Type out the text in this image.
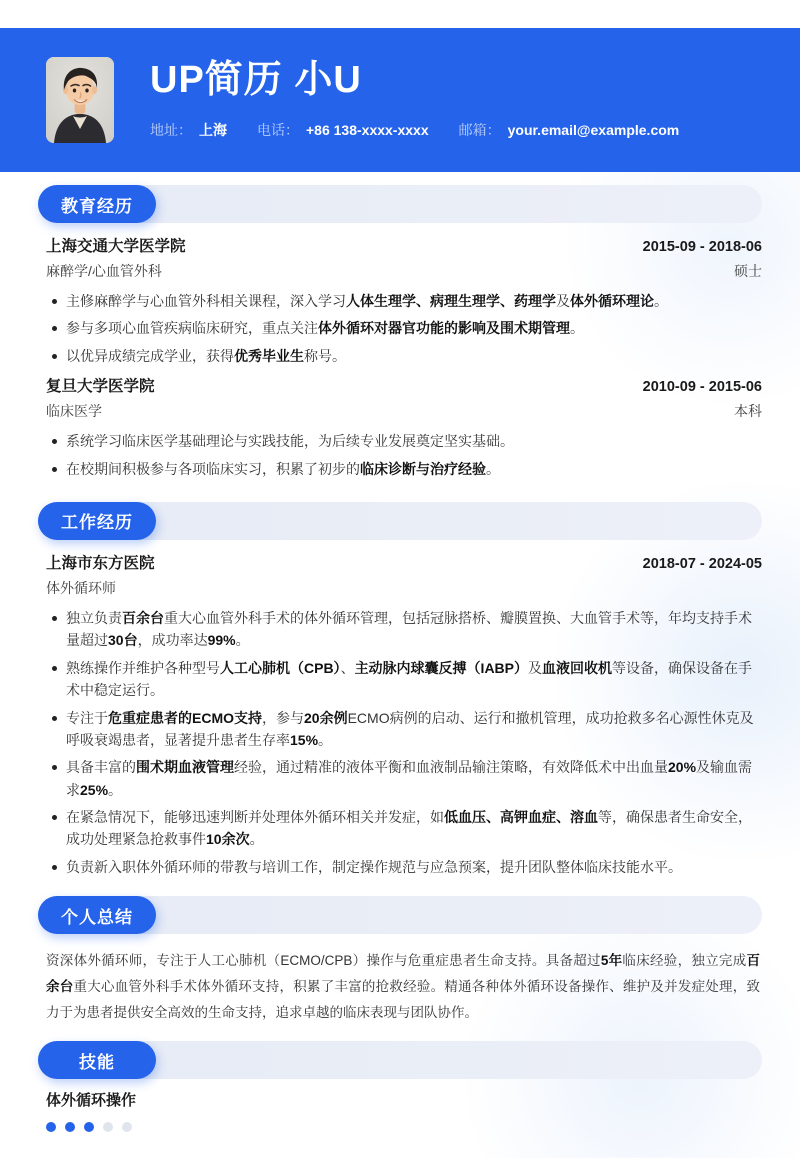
UP简历 小U
地址： 上海 电话： +86 138-xxxx-xxxx 邮箱： your.email@example.com
教育经历
上海交通大学医学院	2015-09 - 2018-06
麻醉学/心血管外科	硕士
主修麻醉学与心血管外科相关课程，深入学习人体生理学、病理生理学、药理学及体外循环理论。
参与多项心血管疾病临床研究，重点关注体外循环对器官功能的影响及围术期管理。
以优异成绩完成学业，获得优秀毕业生称号。
复旦大学医学院	2010-09 - 2015-06
临床医学	本科
系统学习临床医学基础理论与实践技能，为后续专业发展奠定坚实基础。
在校期间积极参与各项临床实习，积累了初步的临床诊断与治疗经验。
工作经历
上海市东方医院	2018-07 - 2024-05
体外循环师
独立负责百余台重大心血管外科手术的体外循环管理，包括冠脉搭桥、瓣膜置换、大血管手术等，年均支持手术量超过30台，成功率达99%。
熟练操作并维护各种型号人工心肺机（CPB）、主动脉内球囊反搏（IABP）及血液回收机等设备，确保设备在手术中稳定运行。
专注于危重症患者的ECMO支持，参与20余例ECMO病例的启动、运行和撤机管理，成功抢救多名心源性休克及呼吸衰竭患者，显著提升患者生存率15%。
具备丰富的围术期血液管理经验，通过精准的液体平衡和血液制品输注策略，有效降低术中出血量20%及输血需求25%。
在紧急情况下，能够迅速判断并处理体外循环相关并发症，如低血压、高钾血症、溶血等，确保患者生命安全，成功处理紧急抢救事件10余次。
负责新入职体外循环师的带教与培训工作，制定操作规范与应急预案，提升团队整体临床技能水平。
个人总结

资深体外循环师，专注于人工心肺机（ECMO/CPB）操作与危重症患者生命支持。具备超过5年临床经验，独立完成百余台重大心血管外科手术体外循环支持，积累了丰富的抢救经验。精通各种体外循环设备操作、维护及并发症处理，致力于为患者提供安全高效的生命支持，追求卓越的临床表现与团队协作。

技能
体外循环操作
